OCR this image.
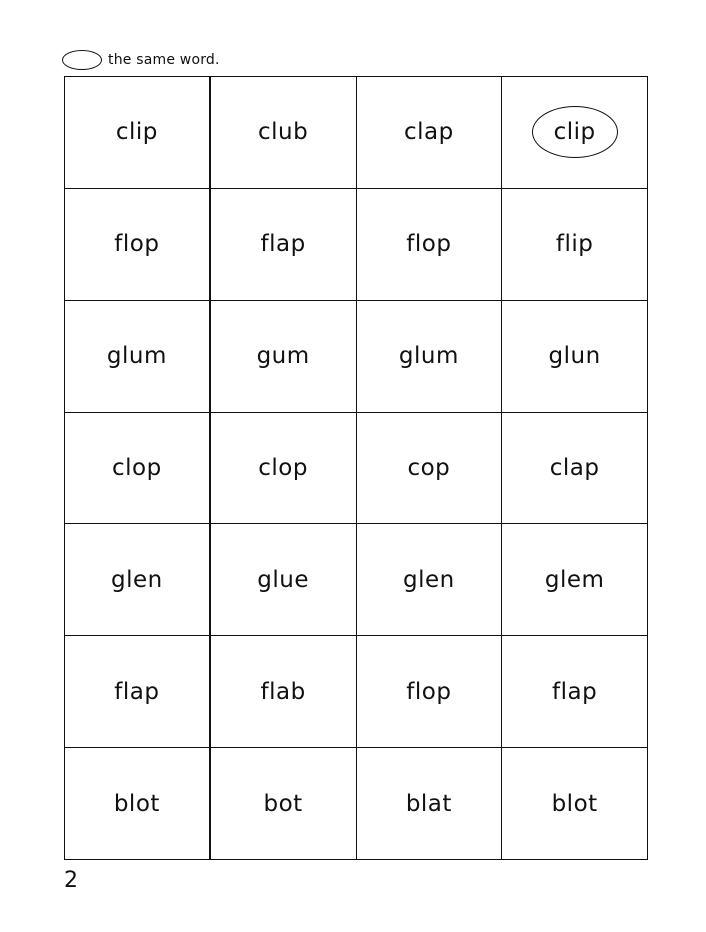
the same word.
clip	club	clap	clip
flop	flap	flop	flip
glum	gum	glum	glun
clop	clop	cop	clap
glen	glue	glen	glem
flap	flab	flop	flap
blot	bot	blat	blot
2
